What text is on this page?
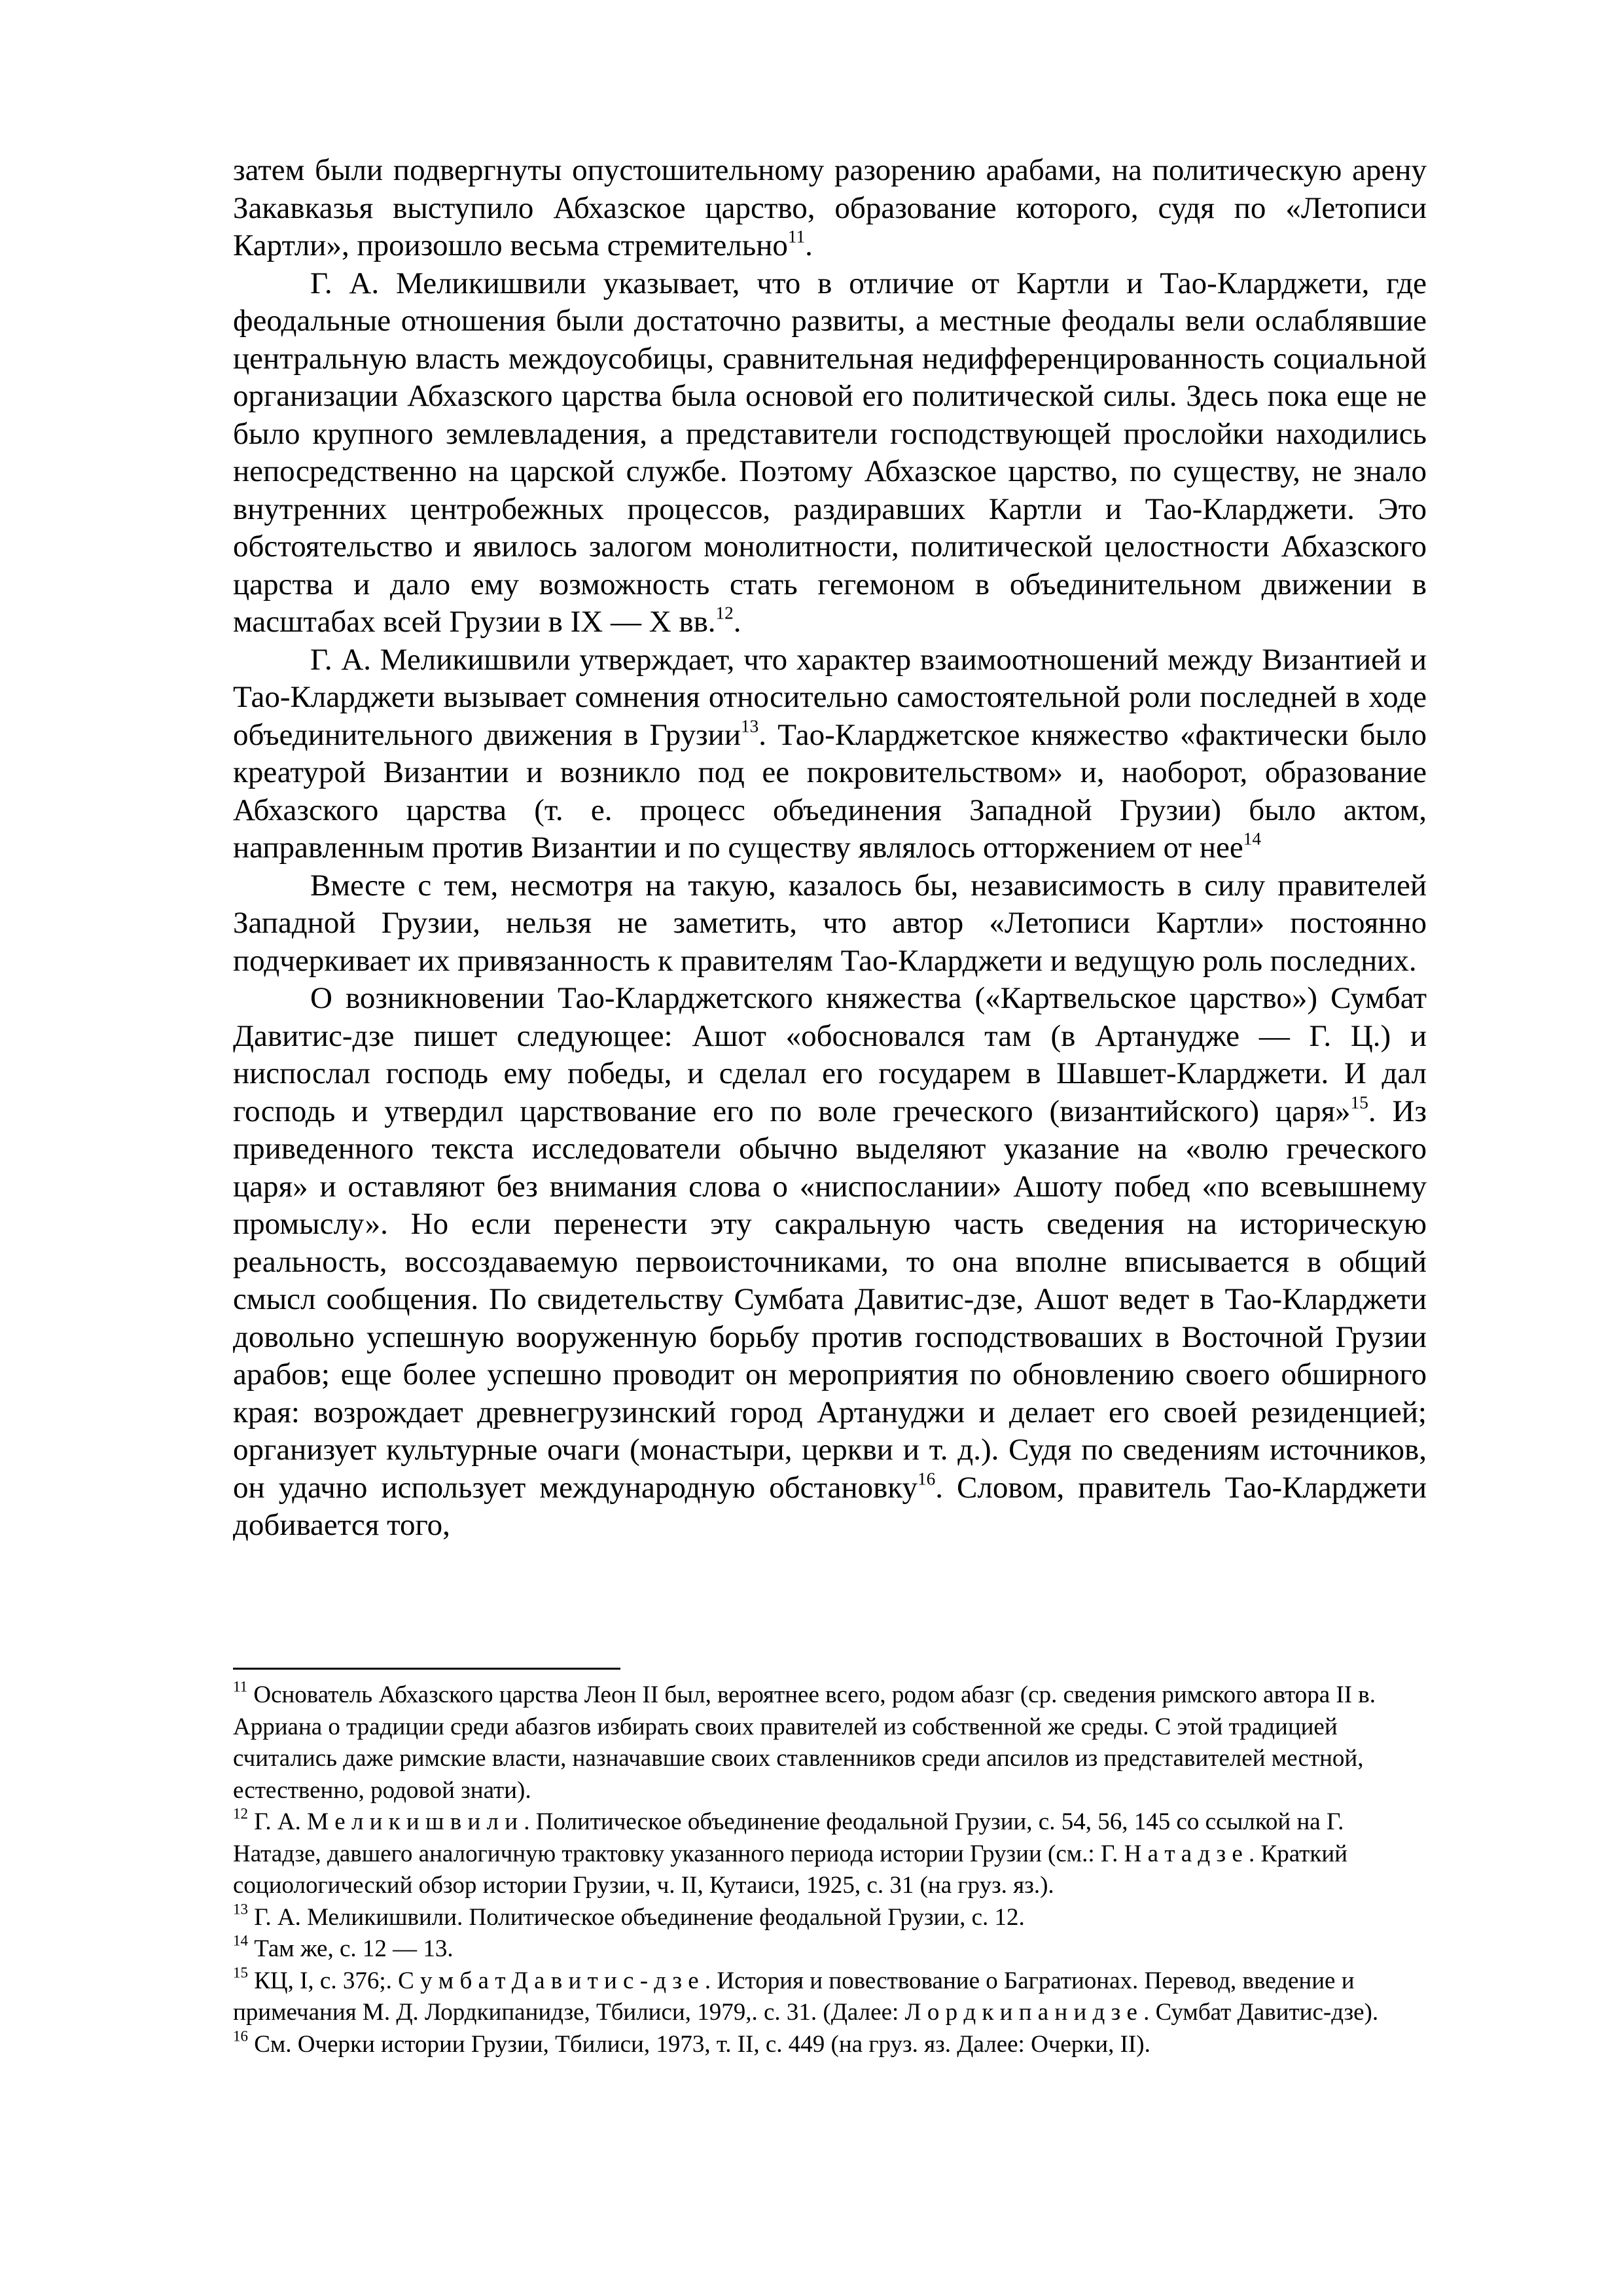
затем были подвергнуты опустошительному разорению арабами, на политическую арену Закавказья выступило Абхазское царство, образование которого, судя по «Летописи Картли», произошло весьма стремительно$^{11}$.

Г. А. Меликишвили указывает, что в отличие от Картли и Тао-Кларджети, где феодальные отношения были достаточно развиты, а местные феодалы вели ослаблявшие центральную власть междоусобицы, сравнительная недифференцированность социальной организации Абхазского царства была основой его политической силы. Здесь пока еще не было крупного землевладения, а представители господствующей прослойки находились непосредственно на царской службе. Поэтому Абхазское царство, по существу, не знало внутренних центробежных процессов, раздиравших Картли и Тао-Кларджети. Это обстоятельство и явилось залогом монолитности, политической целостности Абхазского царства и дало ему возможность стать гегемоном в объединительном движении в масштабах всей Грузии в IX — X вв.$^{12}$.

Г. А. Меликишвили утверждает, что характер взаимоотношений между Византией и Тао-Кларджети вызывает сомнения относительно самостоятельной роли последней в ходе объединительного движения в Грузии$^{13}$. Тао-Кларджетское княжество «фактически было креатурой Византии и возникло под ее покровительством» и, наоборот, образование Абхазского царства (т. е. процесс объединения Западной Грузии) было актом, направленным против Византии и по существу являлось отторжением от нее$^{14}$

Вместе с тем, несмотря на такую, казалось бы, независимость в силу правителей Западной Грузии, нельзя не заметить, что автор «Летописи Картли» постоянно подчеркивает их привязанность к правителям Тао-Кларджети и ведущую роль последних.

О возникновении Тао-Кларджетского княжества («Картвельское царство») Сумбат Давитис-дзе пишет следующее: Ашот «обосновался там (в Артанудже — Г. Ц.) и ниспослал господь ему победы, и сделал его государем в Шавшет-Кларджети. И дал господь и утвердил царствование его по воле греческого (византийского) царя»$^{15}$. Из приведенного текста исследователи обычно выделяют указание на «волю греческого царя» и оставляют без внимания слова о «ниспослании» Ашоту побед «по всевышнему промыслу». Но если перенести эту сакральную часть сведения на историческую реальность, воссоздаваемую первоисточниками, то она вполне вписывается в общий смысл сообщения. По свидетельству Сумбата Давитис-дзе, Ашот ведет в Тао-Кларджети довольно успешную вооруженную борьбу против господствоваших в Восточной Грузии арабов; еще более успешно проводит он мероприятия по обновлению своего обширного края: возрождает древнегрузинский город Артануджи и делает его своей резиденцией; организует культурные очаги (монастыри, церкви и т. д.). Судя по сведениям источников, он удачно использует международную обстановку$^{16}$. Словом, правитель Тао-Кларджети добивается того,

$^{11}$ Основатель Абхазского царства Леон II был, вероятнее всего, родом абазг (ср. сведения римского автора II в. Арриана о традиции среди абазгов избирать своих правителей из собственной же среды. С этой традицией считались даже римские власти, назначавшие своих ставленников среди апсилов из представителей местной, естественно, родовой знати).

$^{12}$ Г. А. М е л и к и ш в и л и . Политическое объединение феодальной Грузии, с. 54, 56, 145 со ссылкой на Г. Натадзе, давшего аналогичную трактовку указанного периода истории Грузии (см.: Г. Н а т а д з е . Краткий социологический обзор истории Грузии, ч. II, Кутаиси, 1925, с. 31 (на груз. яз.).

$^{13}$ Г. А. Меликишвили. Политическое объединение феодальной Грузии, с. 12.

$^{14}$ Там же, с. 12 — 13.

$^{15}$ КЦ, I, с. 376;. С у м б а т Д а в и т и с - д з е . История и повествование о Багратионах. Перевод, введение и примечания М. Д. Лордкипанидзе, Тбилиси, 1979,. с. 31. (Далее: Л о р д к и п а н и д з е . Сумбат Давитис-дзе).

$^{16}$ См. Очерки истории Грузии, Тбилиси, 1973, т. II, с. 449 (на груз. яз. Далее: Очерки, II).
